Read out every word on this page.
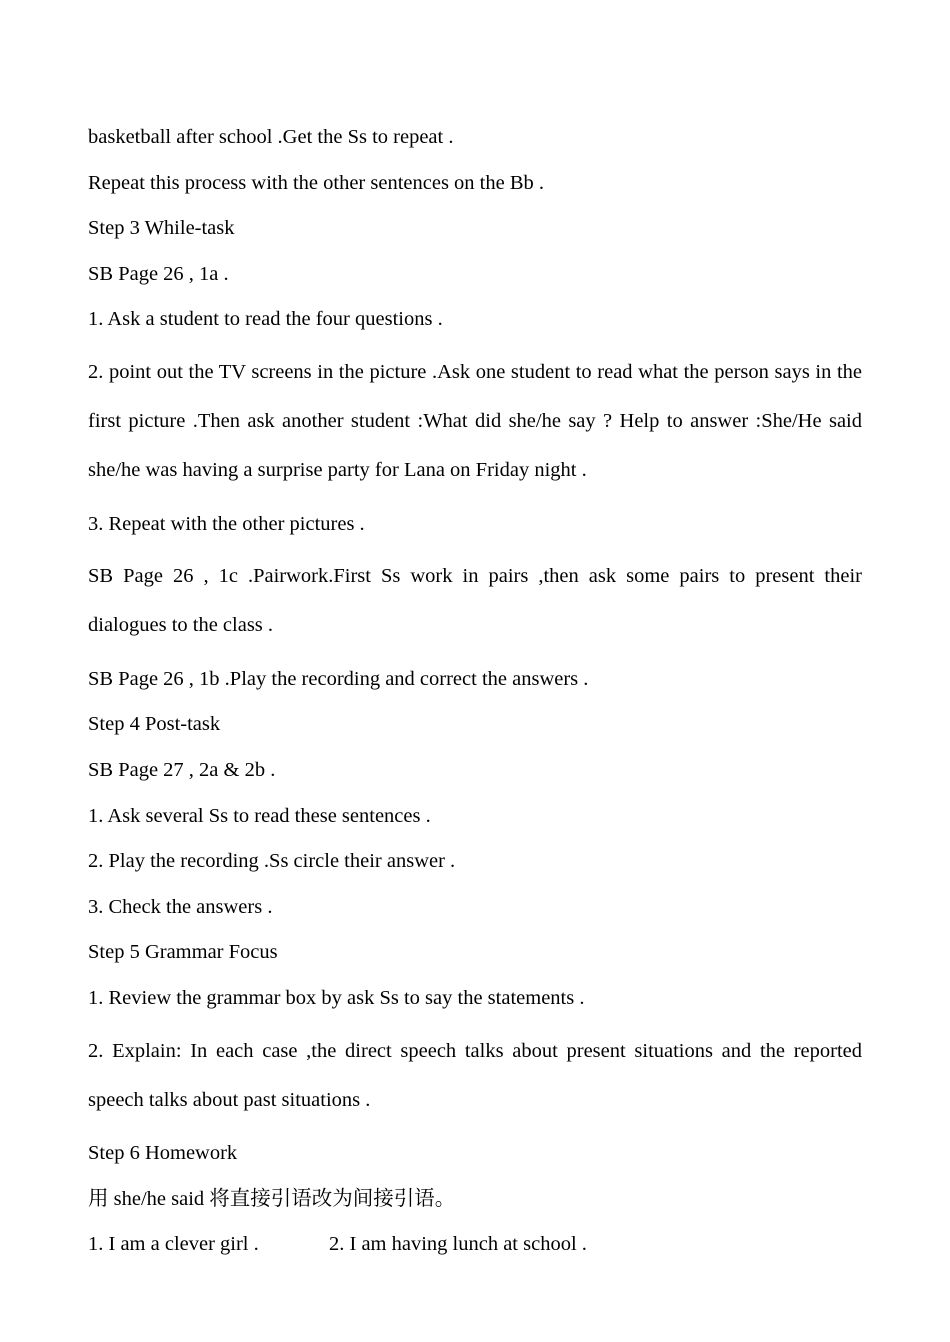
basketball after school .Get the Ss to repeat .

Repeat this process with the other sentences on the Bb .

Step 3 While-task

SB Page 26 , 1a .

1. Ask a student to read the four questions .

2. point out the TV screens in the picture .Ask one student to read what the person says in the first picture .Then ask another student :What did she/he say ? Help to answer :She/He said she/he was having a surprise party for Lana on Friday night .

3. Repeat with the other pictures .

SB Page 26 , 1c .Pairwork.First Ss work in pairs ,then ask some pairs to present their dialogues to the class .

SB Page 26 , 1b .Play the recording and correct the answers .

Step 4 Post-task

SB Page 27 , 2a & 2b .

1. Ask several Ss to read these sentences .

2. Play the recording .Ss circle their answer .

3. Check the answers .

Step 5 Grammar Focus

1. Review the grammar box by ask Ss to say the statements .

2. Explain: In each case ,the direct speech talks about present situations and the reported speech talks about past situations .

Step 6 Homework

用 she/he said 将直接引语改为间接引语。

1. I am a clever girl .	2. I am having lunch at school .
